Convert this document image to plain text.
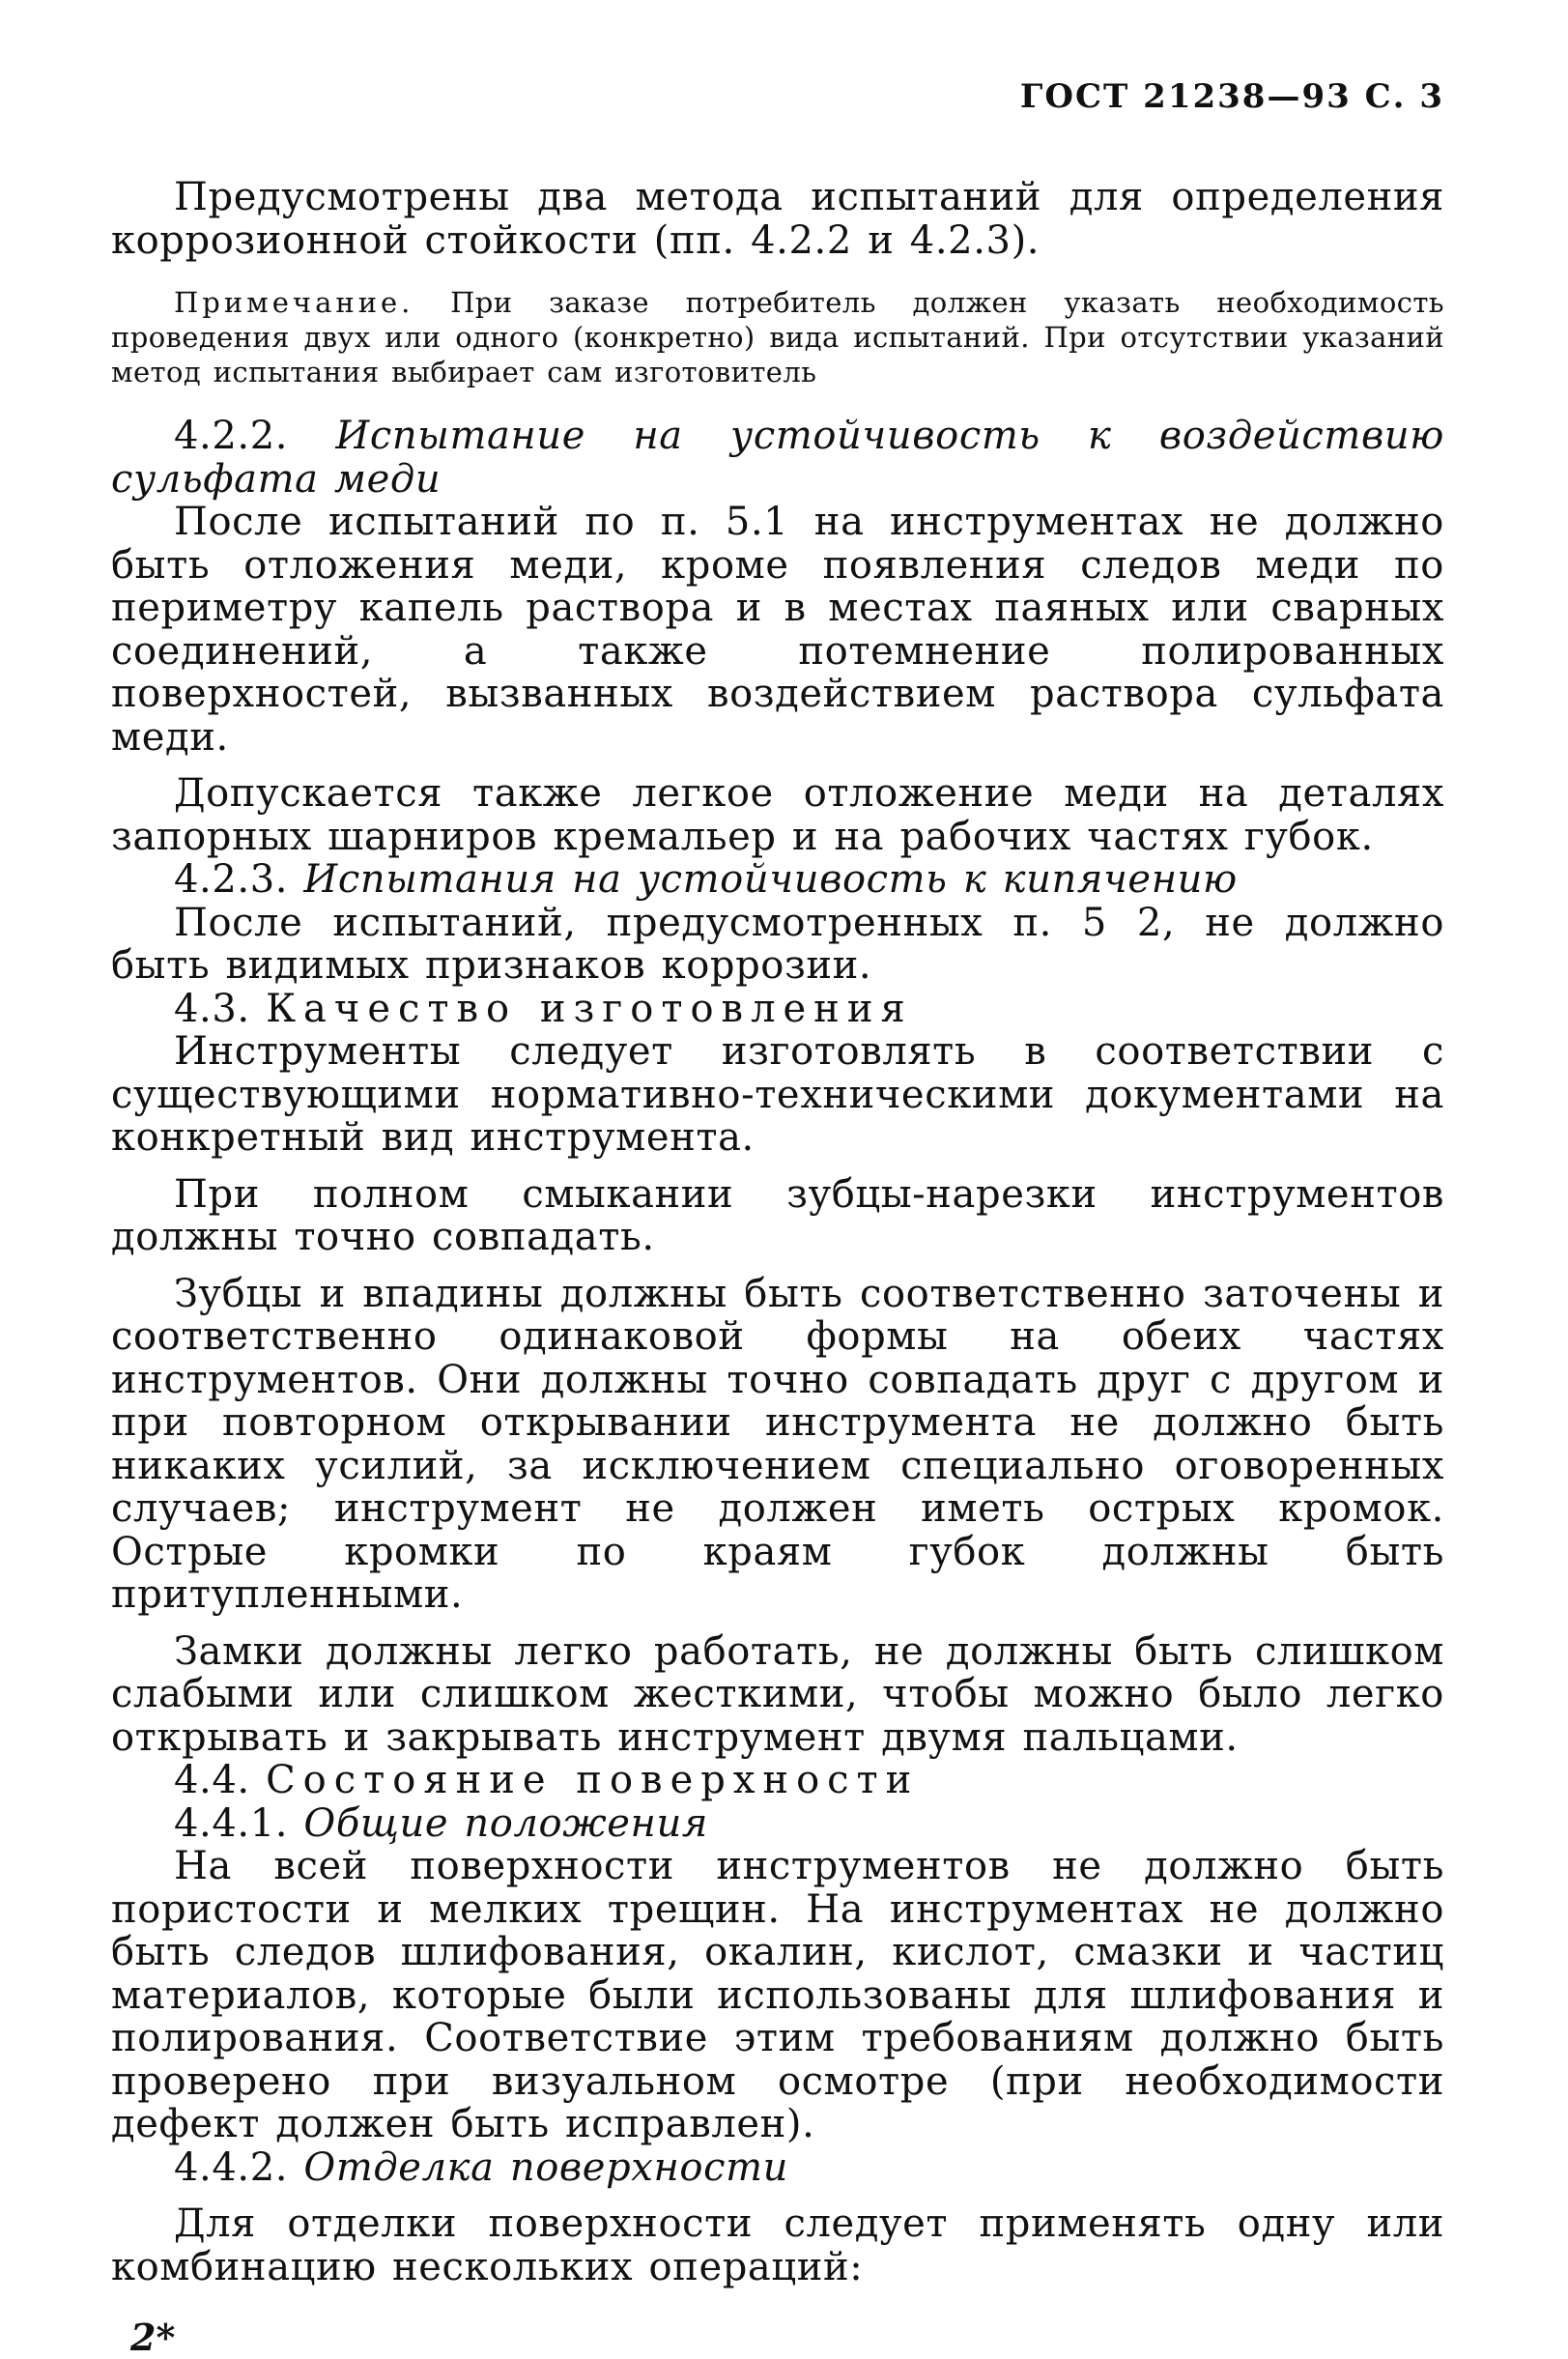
ГОСТ 21238—93 С. 3

Предусмотрены два метода испытаний для определения коррозионной стойкости (пп. 4.2.2 и 4.2.3).

Примечание. При заказе потребитель должен указать необходимость проведения двух или одного (конкретно) вида испытаний. При отсутствии указаний метод испытания выбирает сам изготовитель

4.2.2. Испытание на устойчивость к воздействию сульфата меди

После испытаний по п. 5.1 на инструментах не должно быть отложения меди, кроме появления следов меди по периметру капель раствора и в местах паяных или сварных соединений, а также потемнение полированных поверхностей, вызванных воздействием раствора сульфата меди.

Допускается также легкое отложение меди на деталях запорных шарниров кремальер и на рабочих частях губок.

4.2.3. Испытания на устойчивость к кипячению

После испытаний, предусмотренных п. 5 2, не должно быть видимых признаков коррозии.

4.3. Качество изготовления

Инструменты следует изготовлять в соответствии с существующими нормативно-техническими документами на конкретный вид инструмента.

При полном смыкании зубцы-нарезки инструментов должны точно совпадать.

Зубцы и впадины должны быть соответственно заточены и соответственно одинаковой формы на обеих частях инструментов. Они должны точно совпадать друг с другом и при повторном открывании инструмента не должно быть никаких усилий, за исключением специально оговоренных случаев; инструмент не должен иметь острых кромок. Острые кромки по краям губок должны быть притупленными.

Замки должны легко работать, не должны быть слишком слабыми или слишком жесткими, чтобы можно было легко открывать и закрывать инструмент двумя пальцами.

4.4. Состояние поверхности

4.4.1. Общие положения

На всей поверхности инструментов не должно быть пористости и мелких трещин. На инструментах не должно быть следов шлифования, окалин, кислот, смазки и частиц материалов, которые были использованы для шлифования и полирования. Соответствие этим требованиям должно быть проверено при визуальном осмотре (при необходимости дефект должен быть исправлен).

4.4.2. Отделка поверхности

Для отделки поверхности следует применять одну или комбинацию нескольких операций:

2*
